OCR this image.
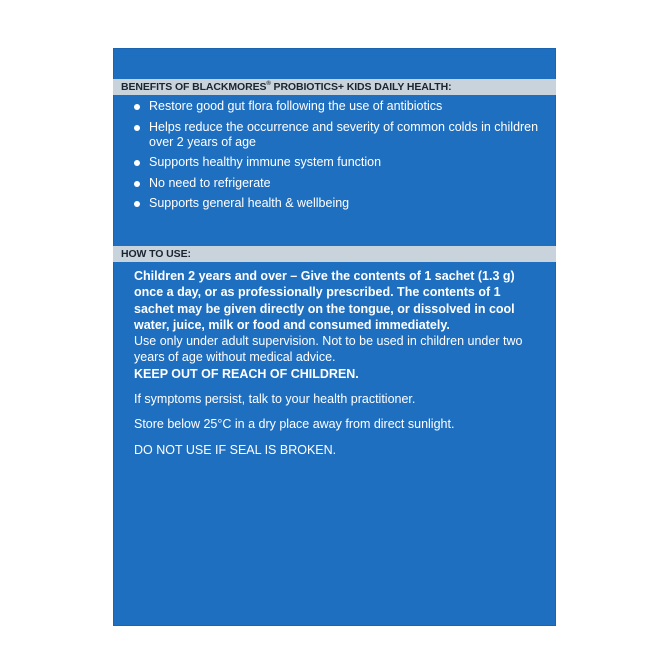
BENEFITS OF BLACKMORES® PROBIOTICS+ KIDS DAILY HEALTH:
Restore good gut flora following the use of antibiotics
Helps reduce the occurrence and severity of common colds in children over 2 years of age
Supports healthy immune system function
No need to refrigerate
Supports general health & wellbeing
HOW TO USE:

Children 2 years and over – Give the contents of 1 sachet (1.3 g) once a day, or as professionally prescribed. The contents of 1 sachet may be given directly on the tongue, or dissolved in cool water, juice, milk or food and consumed immediately.

Use only under adult supervision. Not to be used in children under two years of age without medical advice.

KEEP OUT OF REACH OF CHILDREN.

If symptoms persist, talk to your health practitioner.

Store below 25°C in a dry place away from direct sunlight.

DO NOT USE IF SEAL IS BROKEN.
